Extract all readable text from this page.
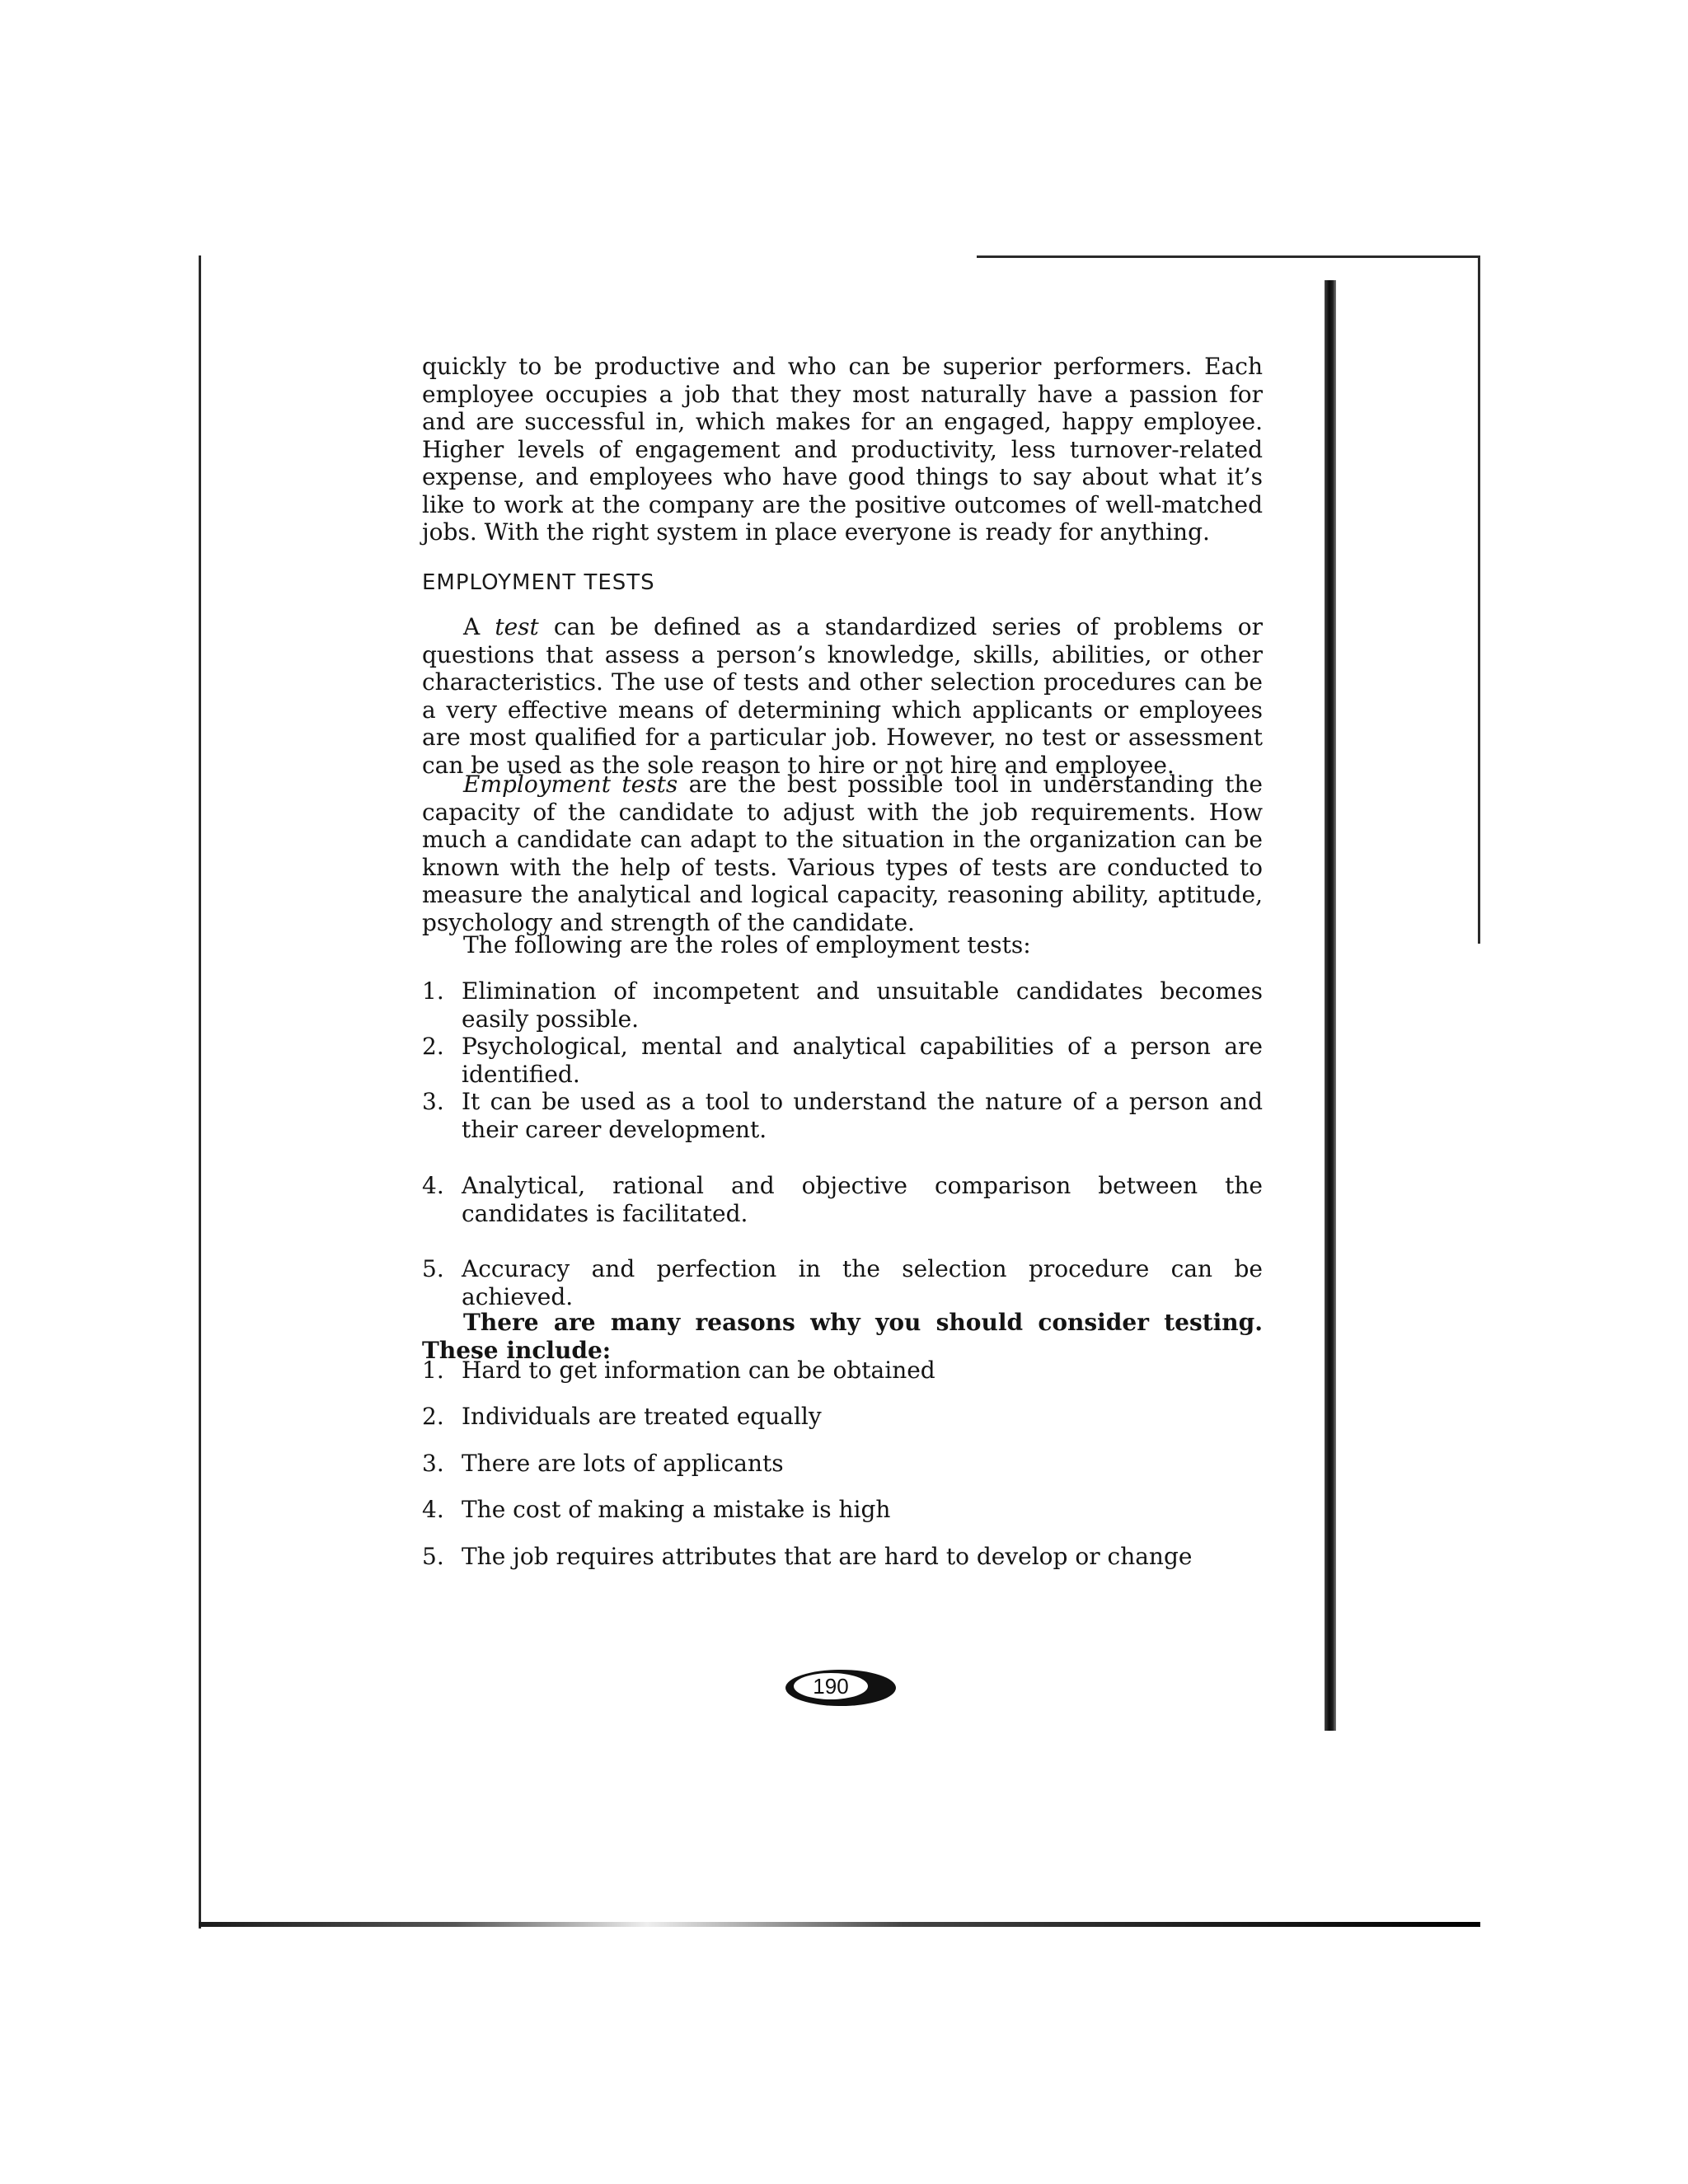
quickly to be productive and who can be superior performers. Each employee occupies a job that they most naturally have a passion for and are successful in, which makes for an engaged, happy employee. Higher levels of engagement and productivity, less turnover-related expense, and employees who have good things to say about what it’s like to work at the company are the positive outcomes of well-matched jobs. With the right system in place everyone is ready for anything.

EMPLOYMENT TESTS

A test can be defined as a standardized series of problems or questions that assess a person’s knowledge, skills, abilities, or other characteristics. The use of tests and other selection procedures can be a very effective means of determining which applicants or employees are most qualified for a particular job. However, no test or assessment can be used as the sole reason to hire or not hire and employee.

Employment tests are the best possible tool in understanding the capacity of the candidate to adjust with the job requirements. How much a candidate can adapt to the situation in the organization can be known with the help of tests. Various types of tests are conducted to measure the analytical and logical capacity, reasoning ability, aptitude, psychology and strength of the candidate.

The following are the roles of employment tests:

1. Elimination of incompetent and unsuitable candidates becomes easily possible.
2. Psychological, mental and analytical capabilities of a person are identified.
3. It can be used as a tool to understand the nature of a person and their career development.
4. Analytical, rational and objective comparison between the candidates is facilitated.
5. Accuracy and perfection in the selection procedure can be achieved.

There are many reasons why you should consider testing. These include:

1. Hard to get information can be obtained
2. Individuals are treated equally
3. There are lots of applicants
4. The cost of making a mistake is high
5. The job requires attributes that are hard to develop or change
190
